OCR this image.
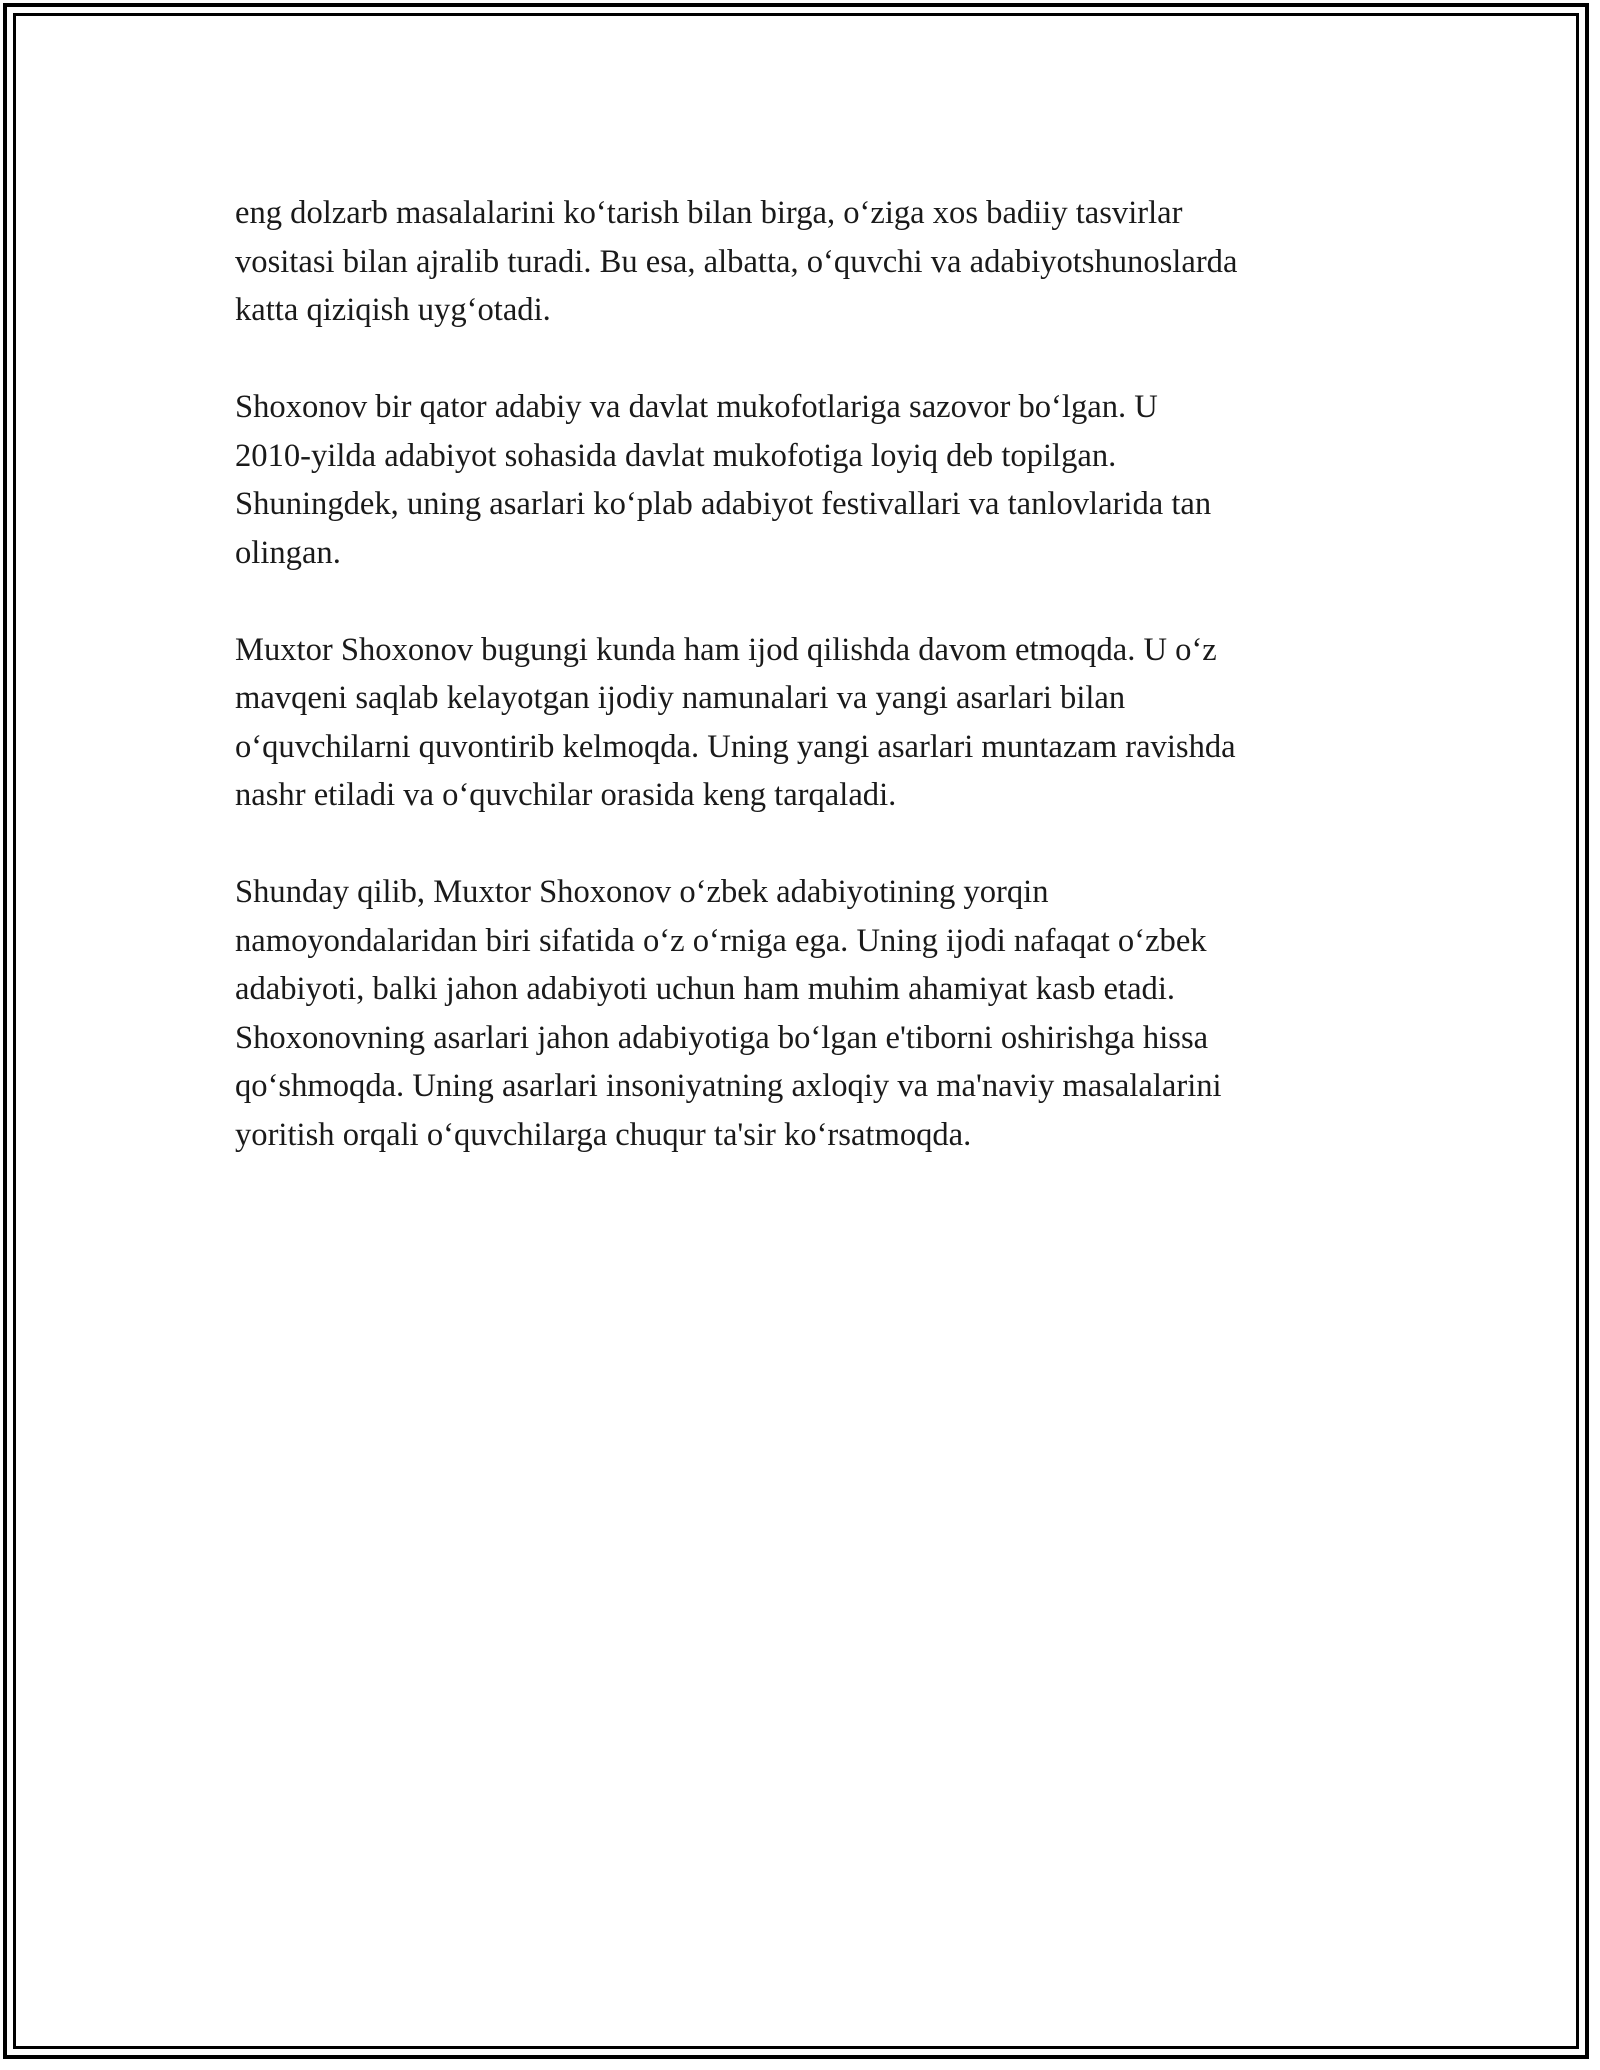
eng dolzarb masalalarini ko‘tarish bilan birga, o‘ziga xos badiiy tasvirlar
vositasi bilan ajralib turadi. Bu esa, albatta, o‘quvchi va adabiyotshunoslarda
katta qiziqish uyg‘otadi.

Shoxonov bir qator adabiy va davlat mukofotlariga sazovor bo‘lgan. U
2010-yilda adabiyot sohasida davlat mukofotiga loyiq deb topilgan.
Shuningdek, uning asarlari ko‘plab adabiyot festivallari va tanlovlarida tan
olingan.

Muxtor Shoxonov bugungi kunda ham ijod qilishda davom etmoqda. U o‘z
mavqeni saqlab kelayotgan ijodiy namunalari va yangi asarlari bilan
o‘quvchilarni quvontirib kelmoqda. Uning yangi asarlari muntazam ravishda
nashr etiladi va o‘quvchilar orasida keng tarqaladi.

Shunday qilib, Muxtor Shoxonov o‘zbek adabiyotining yorqin
namoyondalaridan biri sifatida o‘z o‘rniga ega. Uning ijodi nafaqat o‘zbek
adabiyoti, balki jahon adabiyoti uchun ham muhim ahamiyat kasb etadi.
Shoxonovning asarlari jahon adabiyotiga bo‘lgan e'tiborni oshirishga hissa
qo‘shmoqda. Uning asarlari insoniyatning axloqiy va ma'naviy masalalarini
yoritish orqali o‘quvchilarga chuqur ta'sir ko‘rsatmoqda.
